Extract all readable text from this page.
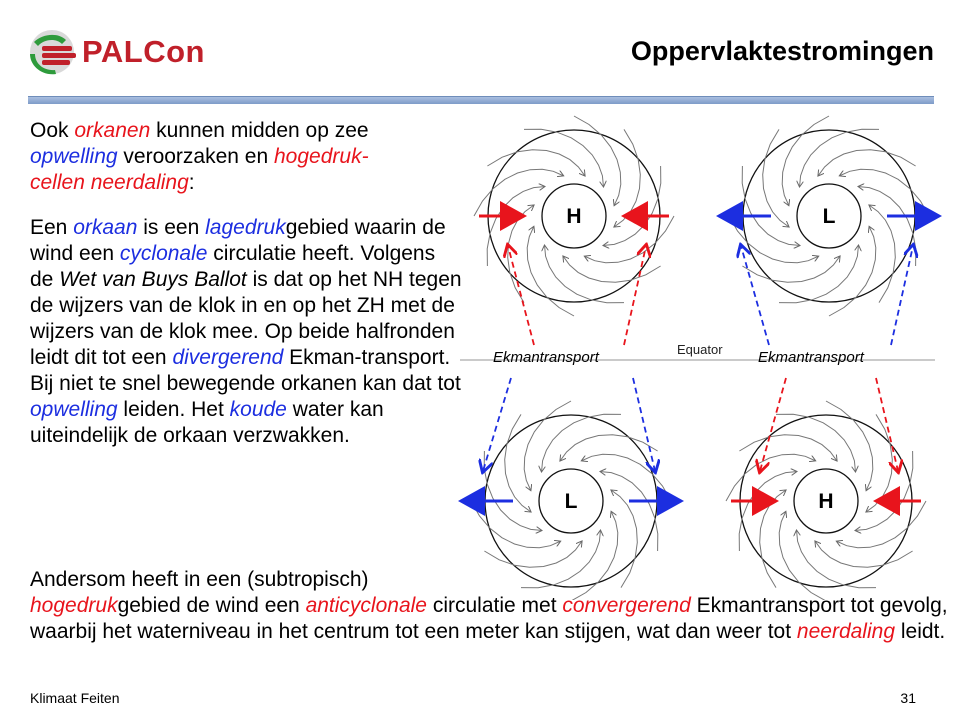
PALCon	Oppervlaktestromingen
Ook orkanen kunnen midden op zee opwelling veroorzaken en hogedruk-
cellen neerdaling:
Een orkaan is een lagedrukgebied waarin de wind een cyclonale circulatie heeft. Volgens de Wet van Buys Ballot is dat op het NH tegen de wijzers van de klok in en op het ZH met de wijzers van de klok mee. Op beide halfronden leidt dit tot een divergerend Ekman-transport. Bij niet te snel bewegende orkanen kan dat tot opwelling leiden. Het koude water kan uiteindelijk de orkaan verzwakken.
Andersom heeft in een (subtropisch)
hogedrukgebied de wind een anticyclonale circulatie met convergerend Ekmantransport tot gevolg, waarbij het waterniveau in het centrum tot een meter kan stijgen, wat dan weer tot neerdaling leidt.
Equator
Ekmantransport	Ekmantransport
H	L
L	H
Klimaat Feiten	31
